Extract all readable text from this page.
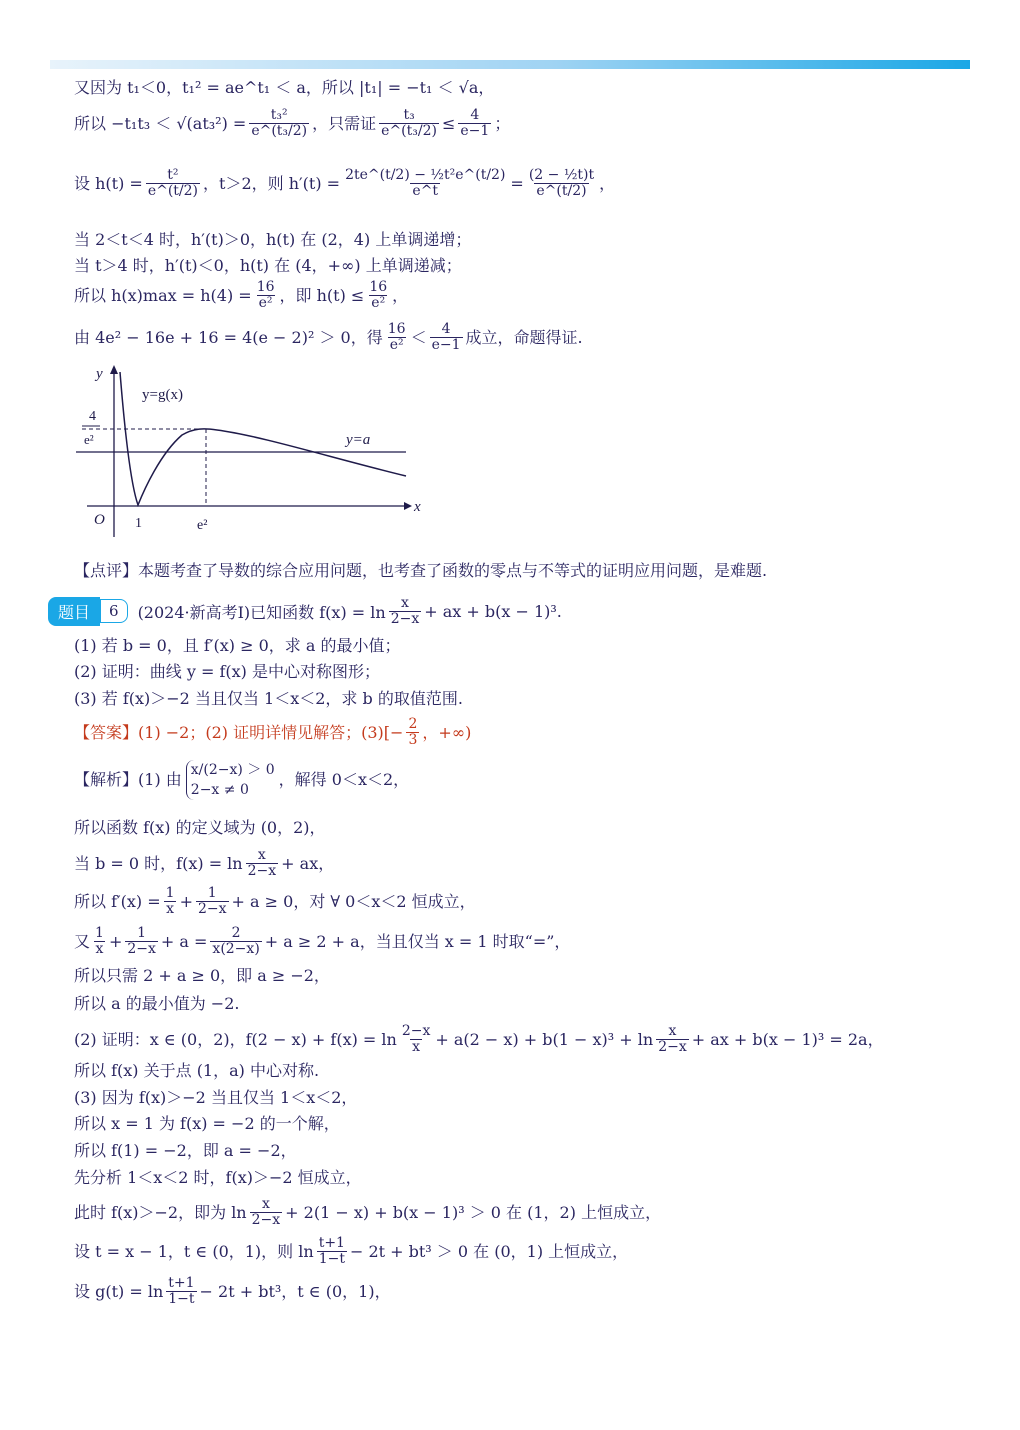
又因为 t₁＜0，t₁² = ae^t₁ ＜ a，所以 |t₁| = −t₁ ＜ √a，
所以 $-t_1t_3 < √(at_3^2) = \frac{\text{t₃²}}{\text{e\textasciicircum{}(t₃/2)}}$ ，只需证 $\frac{\text{t₃}}{\text{e\textasciicircum{}(t₃/2)}} \le \frac{4}{e-1}$ ；
设 $h(t) = \frac{\text{t²}}{e\^{}(t/2)}$ ，t＞2，则 $h'(t) = \frac{\text{2te\textasciicircum{}(t/2) − ½t²e\textasciicircum{}(t/2)}}{e\^{}t} = \frac{\text{(2 − ½t)t}}{e\^{}(t/2)}$ ，
当 2＜t＜4 时，h′(t)＞0，h(t) 在 (2，4) 上单调递增；
当 t＞4 时，h′(t)＜0，h(t) 在 (4，+∞) 上单调递减；
所以 $h(x)\max = h(4) = \frac{16}{\text{e²}}$ ，即 $h(t) \le \frac{16}{\text{e²}}$ ，
由 4e² − 16e + 16 = 4(e − 2)² ＞ 0，得 $\frac{16}{\text{e²}} < \frac{4}{e-1}$ 成立，命题得证.
y=g(x)
y=a
4
e²
y
x
O 1	e²
【点评】本题考查了导数的综合应用问题，也考查了函数的零点与不等式的证明应用问题，是难题.
题目	6	(2024·新高考Ⅰ)已知函数 $f(x) = \ln \frac{x}{2-x}$ + ax + b(x − 1)³.
(1) 若 b = 0，且 f′(x) ≥ 0，求 a 的最小值；
(2) 证明：曲线 y = f(x) 是中心对称图形；
(3) 若 f(x)＞−2 当且仅当 1＜x＜2，求 b 的取值范围.
【答案】 (1) −2；(2) 证明详情见解答；(3) [− $\frac{2}{3}$ ，+∞)
【解析】 (1) 由 x/(2−x) ＞ 0
2−x ≠ 0
，解得 0＜x＜2，
所以函数 f(x) 的定义域为 (0，2)，
当 b = 0 时，$f(x) = \ln \frac{x}{2-x}$ + ax，
所以 $f'(x) = \frac{1}{x} + \frac{1}{2-x} + a \ge 0$，对 ∀ 0＜x＜2 恒成立，
又 $\frac{1}{x} + \frac{1}{2-x} + a = \frac{2}{x(2-x)} + a \ge 2 + a$，当且仅当 x = 1 时取“=”，
所以只需 2 + a ≥ 0，即 a ≥ −2，
所以 a 的最小值为 −2.
(2) 证明：x ∈ (0，2)，$f(2 - x) + f(x) = \ln \frac{2-x}{x} + a(2 - x) + b(1 - x)^3 + \ln \frac{x}{2-x}$ + ax + b(x − 1)³ = 2a，
所以 f(x) 关于点 (1，a) 中心对称.
(3) 因为 f(x)＞−2 当且仅当 1＜x＜2，
所以 x = 1 为 f(x) = −2 的一个解，
所以 f(1) = −2，即 a = −2，
先分析 1＜x＜2 时，f(x)＞−2 恒成立，
此时 f(x)＞−2，即为 $\ln \frac{x}{2-x} + 2(1 - x) + b(x - 1)^3 > 0$ 在 (1，2) 上恒成立，
设 t = x − 1，t ∈ (0，1)，则 $\ln \frac{t+1}{1-t} - 2t + bt^3 > 0$ 在 (0，1) 上恒成立，
设 $g(t) = \ln \frac{t+1}{1-t} - 2t + bt^3$，t ∈ (0，1)，
